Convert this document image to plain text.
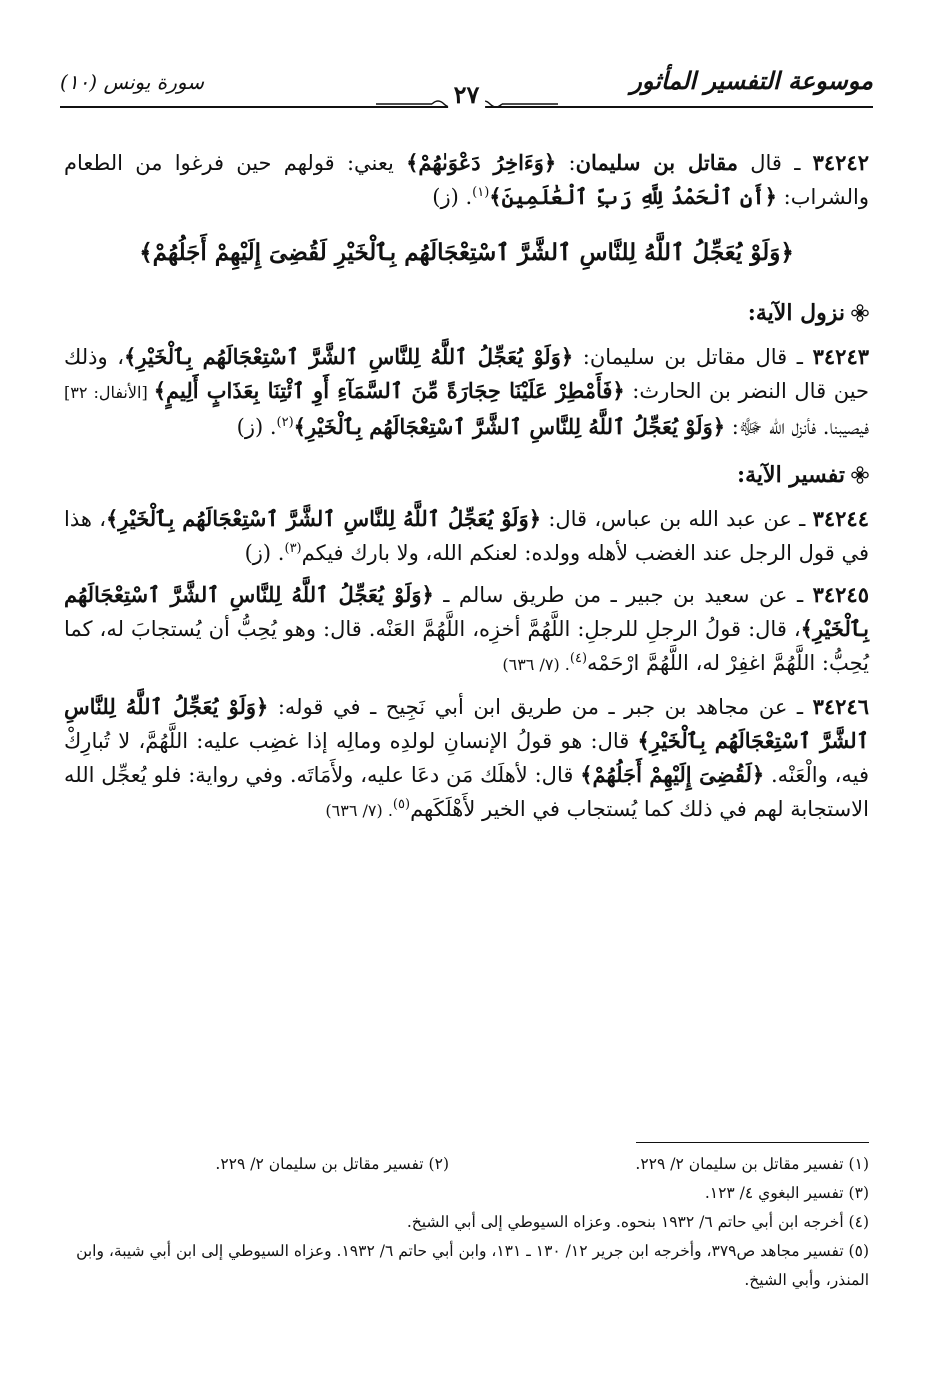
موسوعة التفسير المأثور
٢٧
سورة يونس (١٠)

٣٤٢٤٢ ـ قال مقاتل بن سليمان: ﴿وَءَاخِرُ دَعْوَىٰهُمْ﴾ يعني: قولهم حين فرغوا من الطعام والشراب: ﴿أَنِ ٱلْحَمْدُ لِلَّهِ رَبِّ ٱلْعَٰلَمِينَ﴾$^{(١)}$. (ز)

﴿وَلَوْ يُعَجِّلُ ٱللَّهُ لِلنَّاسِ ٱلشَّرَّ ٱسْتِعْجَالَهُم بِٱلْخَيْرِ لَقُضِىَ إِلَيْهِمْ أَجَلُهُمْ﴾
نزول الآية:

٣٤٢٤٣ ـ قال مقاتل بن سليمان: ﴿وَلَوْ يُعَجِّلُ ٱللَّهُ لِلنَّاسِ ٱلشَّرَّ ٱسْتِعْجَالَهُم بِٱلْخَيْرِ﴾، وذلك حين قال النضر بن الحارث: ﴿فَأَمْطِرْ عَلَيْنَا حِجَارَةً مِّنَ ٱلسَّمَآءِ أَوِ ٱئْتِنَا بِعَذَابٍ أَلِيمٍ﴾ [الأنفال: ٣٢] فيصيبنا. فأنزل الله ﷻ: ﴿وَلَوْ يُعَجِّلُ ٱللَّهُ لِلنَّاسِ ٱلشَّرَّ ٱسْتِعْجَالَهُم بِٱلْخَيْرِ﴾$^{(٢)}$. (ز)

تفسير الآية:

٣٤٢٤٤ ـ عن عبد الله بن عباس، قال: ﴿وَلَوْ يُعَجِّلُ ٱللَّهُ لِلنَّاسِ ٱلشَّرَّ ٱسْتِعْجَالَهُم بِٱلْخَيْرِ﴾، هذا في قول الرجل عند الغضب لأهله وولده: لعنكم الله، ولا بارك فيكم$^{(٣)}$. (ز)

٣٤٢٤٥ ـ عن سعيد بن جبير ـ من طريق سالم ـ ﴿وَلَوْ يُعَجِّلُ ٱللَّهُ لِلنَّاسِ ٱلشَّرَّ ٱسْتِعْجَالَهُم بِٱلْخَيْرِ﴾، قال: قولُ الرجلِ للرجلِ: اللَّهُمَّ أخزِه، اللَّهُمَّ العَنْه. قال: وهو يُحِبُّ أن يُستجابَ له، كما يُحِبُّ: اللَّهُمَّ اغفِرْ له، اللَّهُمَّ ارْحَمْه$^{(٤)}$. (٧/ ٦٣٦)

٣٤٢٤٦ ـ عن مجاهد بن جبر ـ من طريق ابن أبي نَجِيح ـ في قوله: ﴿وَلَوْ يُعَجِّلُ ٱللَّهُ لِلنَّاسِ ٱلشَّرَّ ٱسْتِعْجَالَهُم بِٱلْخَيْرِ﴾ قال: هو قولُ الإنسانِ لولدِه ومالِه إذا غضِب عليه: اللَّهُمَّ، لا تُبارِكْ فيه، والْعَنْه. ﴿لَقُضِىَ إِلَيْهِمْ أَجَلُهُمْ﴾ قال: لأهلَك مَن دعَا عليه، ولأَمَاتَه. وفي رواية: فلو يُعجِّل الله الاستجابة لهم في ذلك كما يُستجاب في الخير لأَهْلَكَهم$^{(٥)}$. (٧/ ٦٣٦)

(١) تفسير مقاتل بن سليمان ٢/ ٢٢٩.
(٢) تفسير مقاتل بن سليمان ٢/ ٢٢٩.
(٣) تفسير البغوي ٤/ ١٢٣.
(٤) أخرجه ابن أبي حاتم ٦/ ١٩٣٢ بنحوه. وعزاه السيوطي إلى أبي الشيخ.
(٥) تفسير مجاهد ص٣٧٩، وأخرجه ابن جرير ١٢/ ١٣٠ ـ ١٣١، وابن أبي حاتم ٦/ ١٩٣٢. وعزاه السيوطي إلى ابن أبي شيبة، وابن المنذر، وأبي الشيخ.
